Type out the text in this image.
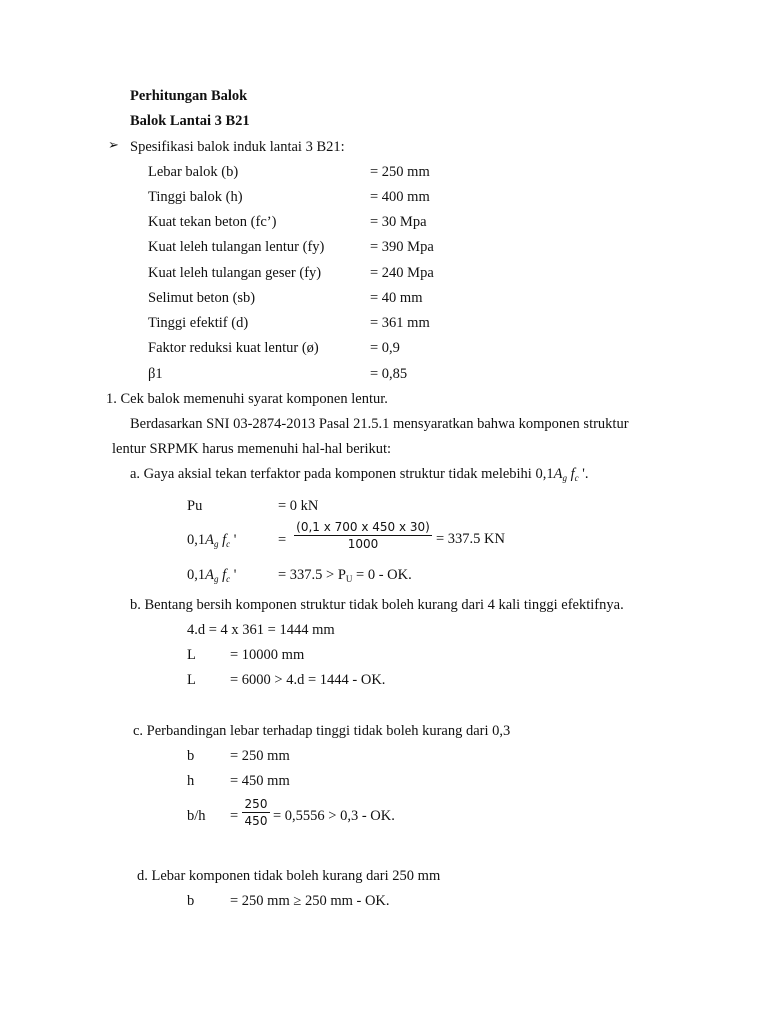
Perhitungan Balok
Balok Lantai 3 B21
➢ Spesifikasi balok induk lantai 3 B21:
Lebar balok (b)	= 250 mm
Tinggi balok (h)	= 400 mm
Kuat tekan beton (fc’)	= 30 Mpa
Kuat leleh tulangan lentur (fy)	= 390 Mpa
Kuat leleh tulangan geser (fy)	= 240 Mpa
Selimut beton (sb)	= 40 mm
Tinggi efektif (d)	= 361 mm
Faktor reduksi kuat lentur (ø)	= 0,9
β1	= 0,85
1. Cek balok memenuhi syarat komponen lentur.
Berdasarkan SNI 03-2874-2013 Pasal 21.5.1 mensyaratkan bahwa komponen struktur
lentur SRPMK harus memenuhi hal-hal berikut:
a. Gaya aksial tekan terfaktor pada komponen struktur tidak melebihi $0,1A_g$ $f_c$ '.
Pu	= 0 kN
$0,1A_g$ $f_c$ '	= $\frac{(0,1 x 700 x 450 x 30)}{1000} = 337.5$ KN
$0,1A_g$ $f_c$ '	= $337.5 > P_U = 0$ - OK.
b. Bentang bersih komponen struktur tidak boleh kurang dari 4 kali tinggi efektifnya.
4.d = 4 x 361 = 1444 mm
L = 10000 mm
L = 6000 > 4.d = 1444 - OK.
c. Perbandingan lebar terhadap tinggi tidak boleh kurang dari 0,3
b = 250 mm
h = 450 mm
$b/h = \frac{250}{450} = 0,5556 > 0,3$ - OK.
d. Lebar komponen tidak boleh kurang dari 250 mm
b = 250 mm ≥ 250 mm - OK.
